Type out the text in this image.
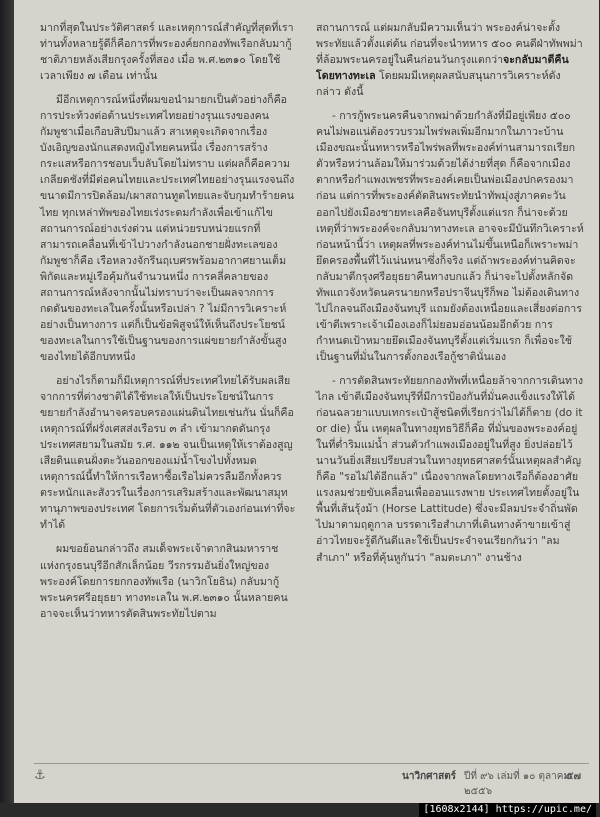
มากที่สุดในประวัติศาสตร์ และเหตุการณ์สำคัญที่สุดที่เราท่านทั้งหลายรู้ดีก็คือการที่พระองค์ยกกองทัพเรือกลับมากู้ชาติภายหลังเสียกรุงครั้งที่สอง เมื่อ พ.ศ.๒๓๑๐ โดยใช้เวลาเพียง ๗ เดือน เท่านั้น

มีอีกเหตุการณ์หนึ่งที่ผมขอนำมายกเป็นตัวอย่างก็คือการประท้วงต่อต้านประเทศไทยอย่างรุนแรงของคนกัมพูชาเมื่อเกือบสิบปีมาแล้ว สาเหตุจะเกิดจากเรื่องบังเอิญของนักแสดงหญิงไทยคนหนึ่ง เรื่องการสร้างกระแสหรือการชอบเว็บลับโดยไม่ทราบ แต่ผลก็คือความเกลียดชังที่มีต่อคนไทยและประเทศไทยอย่างรุนแรงจนถึงขนาดมีการปิดล้อม/เผาสถานทูตไทยและจับกุมทำร้ายคนไทย ทุกเหล่าทัพของไทยเร่งระดมกำลังเพื่อเข้าแก้ไขสถานการณ์อย่างเร่งด่วน แต่หน่วยรบหน่วยแรกที่สามารถเคลื่อนที่เข้าไปวางกำลังนอกชายฝั่งทะเลของกัมพูชาก็คือ เรือหลวงจักรีนฤเบศรพร้อมอากาศยานเต็มพิกัดและหมู่เรือคุ้มกันจำนวนหนึ่ง การคลี่คลายของสถานการณ์หลังจากนั้นไม่ทราบว่าจะเป็นผลจากการกดดันของทะเลในครั้งนั้นหรือเปล่า ? ไม่มีการวิเคราะห์อย่างเป็นทางการ แต่ก็เป็นข้อพิสูจน์ให้เห็นถึงประโยชน์ของทะเลในการใช้เป็นฐานของการแผ่ขยายกำลังขั้นสูงของไทยได้อีกบทหนึ่ง

อย่างไรก็ตามก็มีเหตุการณ์ที่ประเทศไทยได้รับผลเสียจากการที่ต่างชาติได้ใช้ทะเลให้เป็นประโยชน์ในการขยายกำลังอำนาจครอบครองแผ่นดินไทยเช่นกัน นั่นก็คือเหตุการณ์ที่ฝรั่งเศสส่งเรือรบ ๓ ลำ เข้ามากดดันกรุงประเทศสยามในสมัย ร.ศ. ๑๑๒ จนเป็นเหตุให้เราต้องสูญเสียดินแดนฝั่งตะวันออกของแม่น้ำโขงไปทั้งหมด เหตุการณ์นี้ทำให้การเรือหาซื้อเรือไม่ควรลืมอีกทั้งควรตระหนักและสังวรในเรื่องการเสริมสร้างและพัฒนาสมุททานุภาพของประเทศ โดยการเริ่มต้นที่ตัวเองก่อนเท่าที่จะทำได้

ผมขอย้อนกล่าวถึง สมเด็จพระเจ้าตากสินมหาราชแห่งกรุงธนบุรีอีกสักเล็กน้อย วีรกรรมอันยิ่งใหญ่ของพระองค์โดยการยกกองทัพเรือ (นาวิกโยธิน) กลับมากู้พระนครศรีอยุธยา ทางทะเลใน พ.ศ.๒๓๑๐ นั้นหลายคนอาจจะเห็นว่าทหารตัดสินพระทัยไปตาม

สถานการณ์ แต่ผมกลับมีความเห็นว่า พระองค์น่าจะตั้งพระทัยแล้วตั้งแต่ต้น ก่อนที่จะนำทหาร ๕๐๐ คนตีฝ่าทัพพม่าที่ล้อมพระนครอยู่ในคืนก่อนวันกรุงแตกว่าจะกลับมาตีคืนโดยทางทะเล โดยผมมีเหตุผลสนับสนุนการวิเคราะห์ดังกล่าว ดังนี้

- การกู้พระนครคืนจากพม่าด้วยกำลังที่มีอยู่เพียง ๕๐๐ คนไม่พอแน่ต้องรวบรวมไพร่พลเพิ่มอีกมากในภาวะบ้านเมืองขณะนั้นทหารหรือไพร่พลที่พระองค์ท่านสามารถเรียกตัวหรือหว่านล้อมให้มาร่วมด้วยได้ง่ายที่สุด ก็คือจากเมืองตากหรือกำแพงเพชรที่พระองค์เคยเป็นพ่อเมืองปกครองมาก่อน แต่การที่พระองค์ตัดสินพระทัยนำทัพมุ่งสู่ภาคตะวันออกไปยังเมืองชายทะเลคือจันทบุรีตั้งแต่แรก ก็น่าจะด้วยเหตุที่ว่าพระองค์จะกลับมาทางทะเล อาจจะมีบันทึกวิเคราะห์ก่อนหน้านี้ว่า เหตุผลที่พระองค์ท่านไม่ขึ้นเหนือก็เพราะพม่ายึดครองพื้นที่ไว้แน่นหนาซึ่งก็จริง แต่ถ้าพระองค์ท่านคิดจะกลับมาตีกรุงศรีอยุธยาคืนทางบกแล้ว ก็น่าจะไปตั้งหลักจัดทัพแถวจังหวัดนครนายกหรือปราจีนบุรีก็พอ ไม่ต้องเดินทางไปไกลจนถึงเมืองจันทบุรี แถมยังต้องเหนื่อยและเสี่ยงต่อการเข้าตีเพราะเจ้าเมืองเองก็ไม่ยอมอ่อนน้อมอีกด้วย การกำหนดเป้าหมายยึดเมืองจันทบุรีตั้งแต่เริ่มแรก ก็เพื่อจะใช้เป็นฐานที่มั่นในการตั้งกองเรือกู้ชาตินั่นเอง

- การตัดสินพระทัยยกกองทัพที่เหนื่อยล้าจากการเดินทางไกล เข้าตีเมืองจันทบุรีที่มีการป้องกันที่มั่นคงแข็งแรงให้ได้ก่อนฉลวยาแบบเทกระเป๋าสู้ชนิดที่เรียกว่าไม่ได้ก็ตาย (do it or die) นั้น เหตุผลในทางยุทธวิธีก็คือ ที่มั่นของพระองค์อยู่ในที่ต่ำริมแม่น้ำ ส่วนตัวกำแพงเมืองอยู่ในที่สูง ยิ่งปล่อยไว้นานวันยิ่งเสียเปรียบส่วนในทางยุทธศาสตร์นั้นเหตุผลสำคัญก็คือ "รอไม่ได้อีกแล้ว" เนื่องจากพลโดยทางเรือก็ต้องอาศัยแรงลมช่วยขับเคลื่อนเพื่อออนแรงพาย ประเทศไทยตั้งอยู่ในพื้นที่เส้นรุ้งม้า (Horse Lattitude) ซึ่งจะมีลมประจำถิ่นพัดไปมาตามฤดูกาล บรรดาเรือสำเภาที่เดินทางค้าขายเข้าสู่อ่าวไทยจะรู้ดีกันดีและใช้เป็นประจำจนเรียกกันว่า "ลมสำเภา" หรือที่คุ้นหูกันว่า "ลมตะเภา" งานช้าง

⚓	นาวิกศาสตร์ ปีที่ ๙๖ เล่มที่ ๑๐ ตุลาคม ๒๕๕๖
๕๗
[1608x2144] https://upic.me/
